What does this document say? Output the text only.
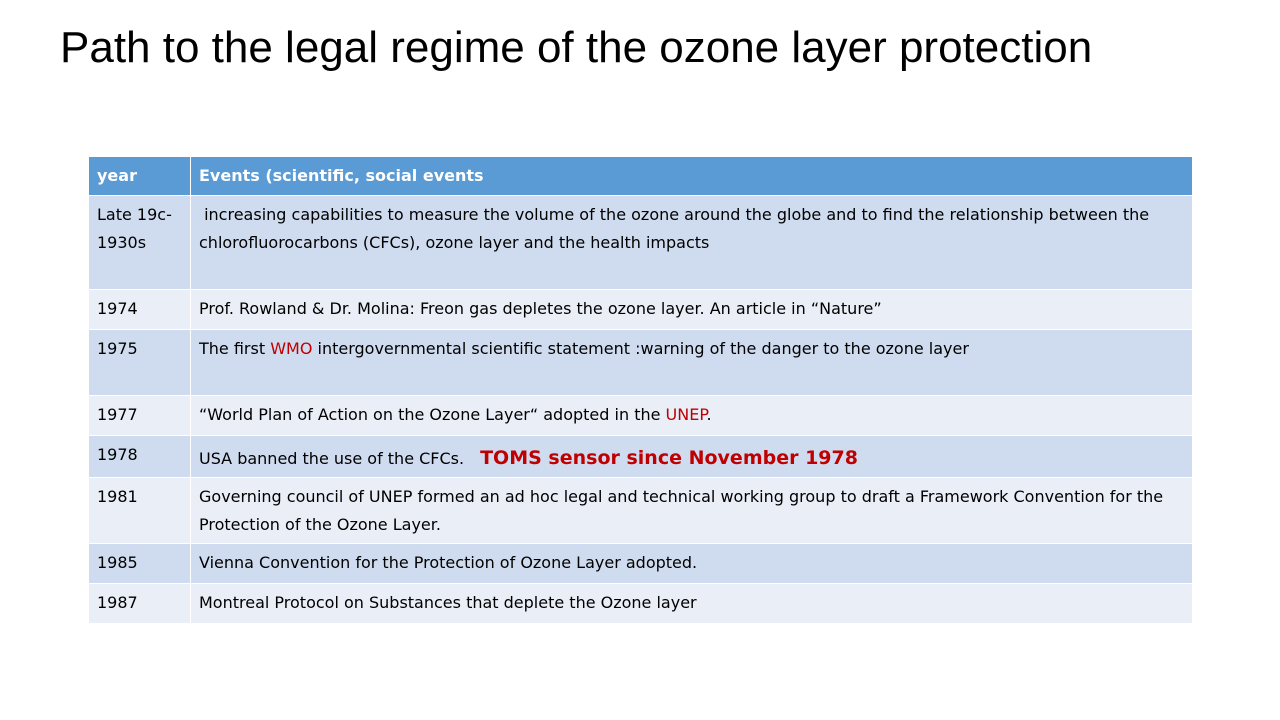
Path to the legal regime of the ozone layer protection
year	Events (scientific, social events
Late 19c-1930s	increasing capabilities to measure the volume of the ozone around the globe and to find the relationship between the chlorofluorocarbons (CFCs), ozone layer and the health impacts
1974	Prof. Rowland & Dr. Molina: Freon gas depletes the ozone layer. An article in “Nature”
1975	The first WMO intergovernmental scientific statement :warning of the danger to the ozone layer
1977	“World Plan of Action on the Ozone Layer“ adopted in the UNEP.
1978	USA banned the use of the CFCs. TOMS sensor since November 1978
1981	Governing council of UNEP formed an ad hoc legal and technical working group to draft a Framework Convention for the Protection of the Ozone Layer.
1985	Vienna Convention for the Protection of Ozone Layer adopted.
1987	Montreal Protocol on Substances that deplete the Ozone layer
